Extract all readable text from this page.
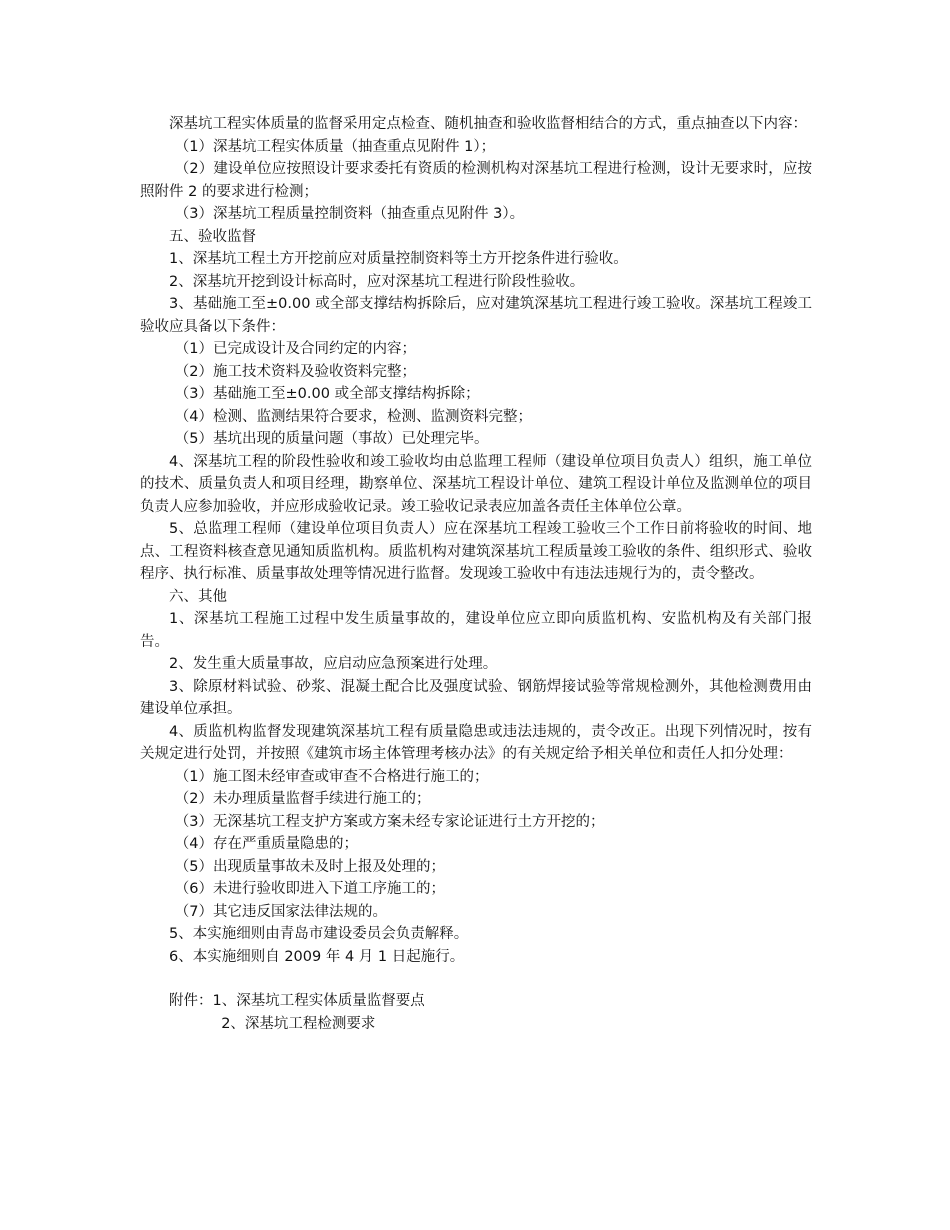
深基坑工程实体质量的监督采用定点检查、随机抽查和验收监督相结合的方式，重点抽查以下内容：

（1）深基坑工程实体质量（抽查重点见附件 1）；

（2）建设单位应按照设计要求委托有资质的检测机构对深基坑工程进行检测，设计无要求时，应按照附件 2 的要求进行检测；

（3）深基坑工程质量控制资料（抽查重点见附件 3）。

五、验收监督

1、深基坑工程土方开挖前应对质量控制资料等土方开挖条件进行验收。

2、深基坑开挖到设计标高时，应对深基坑工程进行阶段性验收。

3、基础施工至±0.00 或全部支撑结构拆除后，应对建筑深基坑工程进行竣工验收。深基坑工程竣工验收应具备以下条件：

（1）已完成设计及合同约定的内容；

（2）施工技术资料及验收资料完整；

（3）基础施工至±0.00 或全部支撑结构拆除；

（4）检测、监测结果符合要求，检测、监测资料完整；

（5）基坑出现的质量问题（事故）已处理完毕。

4、深基坑工程的阶段性验收和竣工验收均由总监理工程师（建设单位项目负责人）组织，施工单位的技术、质量负责人和项目经理，勘察单位、深基坑工程设计单位、建筑工程设计单位及监测单位的项目负责人应参加验收，并应形成验收记录。竣工验收记录表应加盖各责任主体单位公章。

5、总监理工程师（建设单位项目负责人）应在深基坑工程竣工验收三个工作日前将验收的时间、地点、工程资料核查意见通知质监机构。质监机构对建筑深基坑工程质量竣工验收的条件、组织形式、验收程序、执行标准、质量事故处理等情况进行监督。发现竣工验收中有违法违规行为的，责令整改。

六、其他

1、深基坑工程施工过程中发生质量事故的，建设单位应立即向质监机构、安监机构及有关部门报告。

2、发生重大质量事故，应启动应急预案进行处理。

3、除原材料试验、砂浆、混凝土配合比及强度试验、钢筋焊接试验等常规检测外，其他检测费用由建设单位承担。

4、质监机构监督发现建筑深基坑工程有质量隐患或违法违规的，责令改正。出现下列情况时，按有关规定进行处罚，并按照《建筑市场主体管理考核办法》的有关规定给予相关单位和责任人扣分处理：

（1）施工图未经审查或审查不合格进行施工的；

（2）未办理质量监督手续进行施工的；

（3）无深基坑工程支护方案或方案未经专家论证进行土方开挖的；

（4）存在严重质量隐患的；

（5）出现质量事故未及时上报及处理的；

（6）未进行验收即进入下道工序施工的；

（7）其它违反国家法律法规的。

5、本实施细则由青岛市建设委员会负责解释。

6、本实施细则自 2009 年 4 月 1 日起施行。

附件：1、深基坑工程实体质量监督要点

2、深基坑工程检测要求
